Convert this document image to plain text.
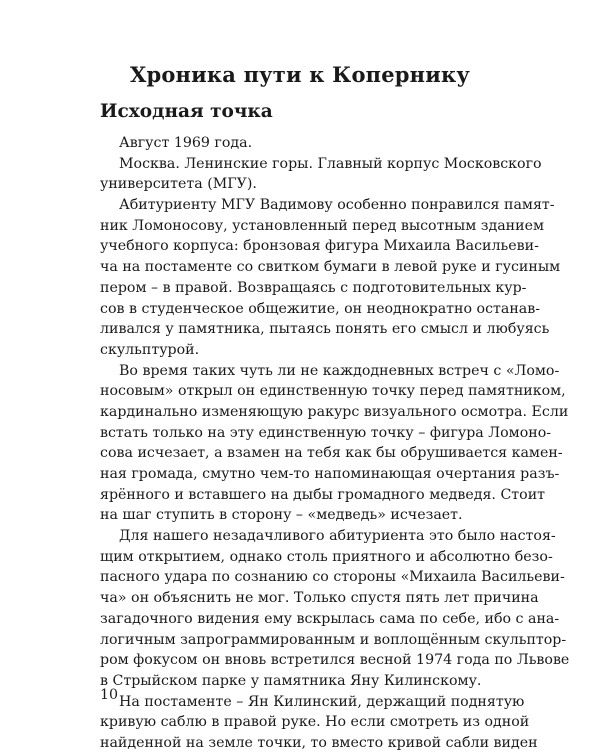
Хроника пути к Копернику
Исходная точка
Август 1969 года.
Москва. Ленинские горы. Главный корпус Московского
университета (МГУ).
Абитуриенту МГУ Вадимову особенно понравился памят-
ник Ломоносову, установленный перед высотным зданием
учебного корпуса: бронзовая фигура Михаила Васильеви-
ча на постаменте со свитком бумаги в левой руке и гусиным
пером – в правой. Возвращаясь с подготовительных кур-
сов в студенческое общежитие, он неоднократно останав-
ливался у памятника, пытаясь понять его смысл и любуясь
скульптурой.
Во время таких чуть ли не каждодневных встреч с «Ломо-
носовым» открыл он единственную точку перед памятником,
кардинально изменяющую ракурс визуального осмотра. Если
встать только на эту единственную точку – фигура Ломоно-
сова исчезает, а взамен на тебя как бы обрушивается камен-
ная громада, смутно чем-то напоминающая очертания разъ-
ярённого и вставшего на дыбы громадного медведя. Стоит
на шаг ступить в сторону – «медведь» исчезает.
Для нашего незадачливого абитуриента это было настоя-
щим открытием, однако столь приятного и абсолютно безо-
пасного удара по сознанию со стороны «Михаила Васильеви-
ча» он объяснить не мог. Только спустя пять лет причина
загадочного видения ему вскрылась сама по себе, ибо с ана-
логичным запрограммированным и воплощённым скульптор-
ром фокусом он вновь встретился весной 1974 года по Львове
в Стрыйском парке у памятника Яну Килинскому.
На постаменте – Ян Килинский, держащий поднятую
кривую саблю в правой руке. Но если смотреть из одной
найденной на земле точки, то вместо кривой сабли виден
10
